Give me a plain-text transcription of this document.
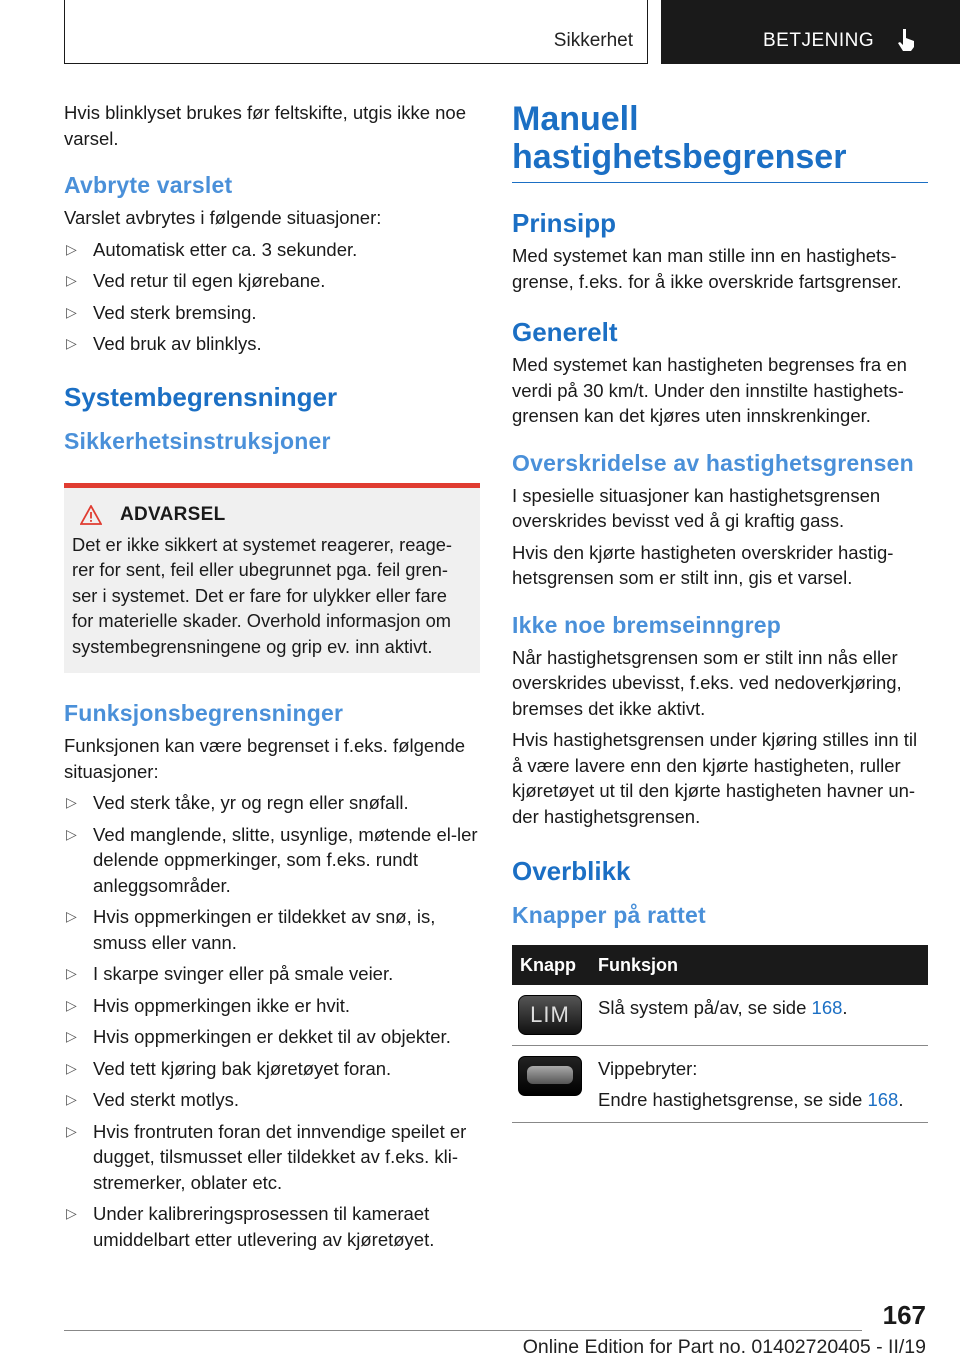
Sikkerhet	BETJENING

Hvis blinklyset brukes før feltskifte, utgis ikke noe varsel.

Avbryte varslet

Varslet avbrytes i følgende situasjoner:

▷ Automatisk etter ca. 3 sekunder.
▷ Ved retur til egen kjørebane.
▷ Ved sterk bremsing.
▷ Ved bruk av blinklys.
Systembegrensninger
Sikkerhetsinstruksjoner
ADVARSEL

Det er ikke sikkert at systemet reagerer, reage-rer for sent, feil eller ubegrunnet pga. feil gren-ser i systemet. Det er fare for ulykker eller fare for materielle skader. Overhold informasjon om systembegrensningene og grip ev. inn aktivt.

Funksjonsbegrensninger

Funksjonen kan være begrenset i f.eks. følgende situasjoner:

▷ Ved sterk tåke, yr og regn eller snøfall.
▷ Ved manglende, slitte, usynlige, møtende el-ler delende oppmerkinger, som f.eks. rundt anleggsområder.
▷ Hvis oppmerkingen er tildekket av snø, is, smuss eller vann.
▷ I skarpe svinger eller på smale veier.
▷ Hvis oppmerkingen ikke er hvit.
▷ Hvis oppmerkingen er dekket til av objekter.
▷ Ved tett kjøring bak kjøretøyet foran.
▷ Ved sterkt motlys.
▷ Hvis frontruten foran det innvendige speilet er dugget, tilsmusset eller tildekket av f.eks. kli-stremerker, oblater etc.
▷ Under kalibreringsprosessen til kameraet umiddelbart etter utlevering av kjøretøyet.
Manuell hastighetsbegrenser
Prinsipp

Med systemet kan man stille inn en hastighets-grense, f.eks. for å ikke overskride fartsgrenser.

Generelt

Med systemet kan hastigheten begrenses fra en verdi på 30 km/t. Under den innstilte hastighets-grensen kan det kjøres uten innskrenkinger.

Overskridelse av hastighetsgrensen

I spesielle situasjoner kan hastighetsgrensen overskrides bevisst ved å gi kraftig gass.

Hvis den kjørte hastigheten overskrider hastig-hetsgrensen som er stilt inn, gis et varsel.

Ikke noe bremseinngrep

Når hastighetsgrensen som er stilt inn nås eller overskrides ubevisst, f.eks. ved nedoverkjøring, bremses det ikke aktivt.

Hvis hastighetsgrensen under kjøring stilles inn til å være lavere enn den kjørte hastigheten, ruller kjøretøyet ut til den kjørte hastigheten havner un-der hastighetsgrensen.

Overblikk
Knapper på rattet
Knapp	Funksjon

LIM	Slå system på/av, se side 168.

	Vippebryter:
Endre hastighetsgrense, se side 168.
167
Online Edition for Part no. 01402720405 - II/19
